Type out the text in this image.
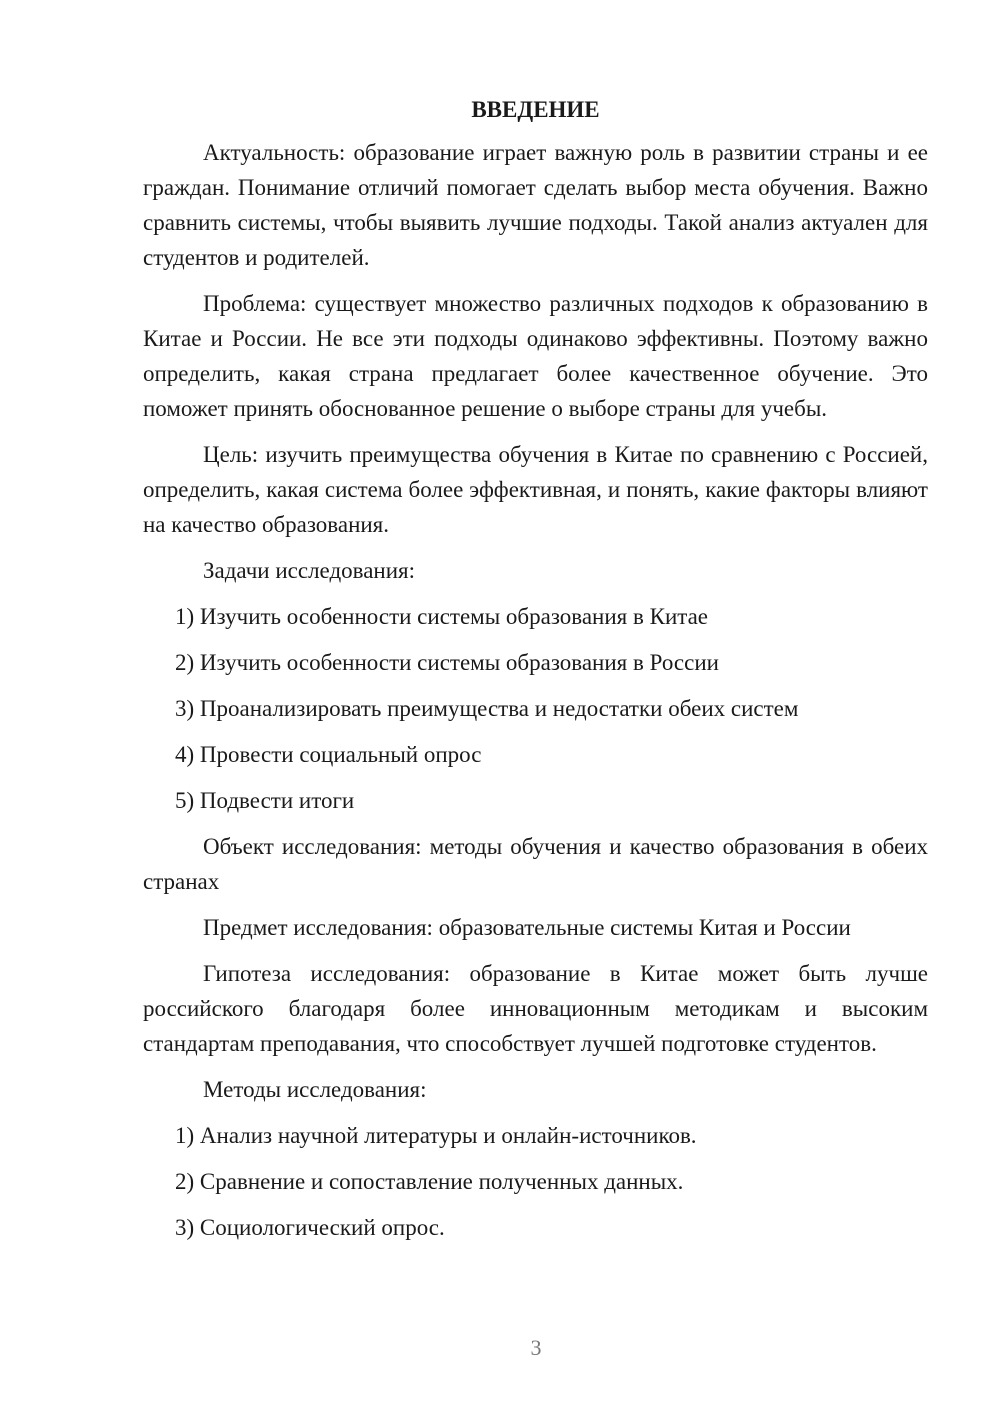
ВВЕДЕНИЕ

Актуальность: образование играет важную роль в развитии страны и ее граждан. Понимание отличий помогает сделать выбор места обучения. Важно сравнить системы, чтобы выявить лучшие подходы. Такой анализ актуален для студентов и родителей.

Проблема: существует множество различных подходов к образованию в Китае и России. Не все эти подходы одинаково эффективны. Поэтому важно определить, какая страна предлагает более качественное обучение. Это поможет принять обоснованное решение о выборе страны для учебы.

Цель: изучить преимущества обучения в Китае по сравнению с Россией, определить, какая система более эффективная, и понять, какие факторы влияют на качество образования.

Задачи исследования:

1) Изучить особенности системы образования в Китае

2) Изучить особенности системы образования в России

3) Проанализировать преимущества и недостатки обеих систем

4) Провести социальный опрос

5) Подвести итоги

Объект исследования: методы обучения и качество образования в обеих странах

Предмет исследования: образовательные системы Китая и России

Гипотеза исследования: образование в Китае может быть лучше российского благодаря более инновационным методикам и высоким стандартам преподавания, что способствует лучшей подготовке студентов.

Методы исследования:

1) Анализ научной литературы и онлайн-источников.

2) Сравнение и сопоставление полученных данных.

3) Социологический опрос.

3
